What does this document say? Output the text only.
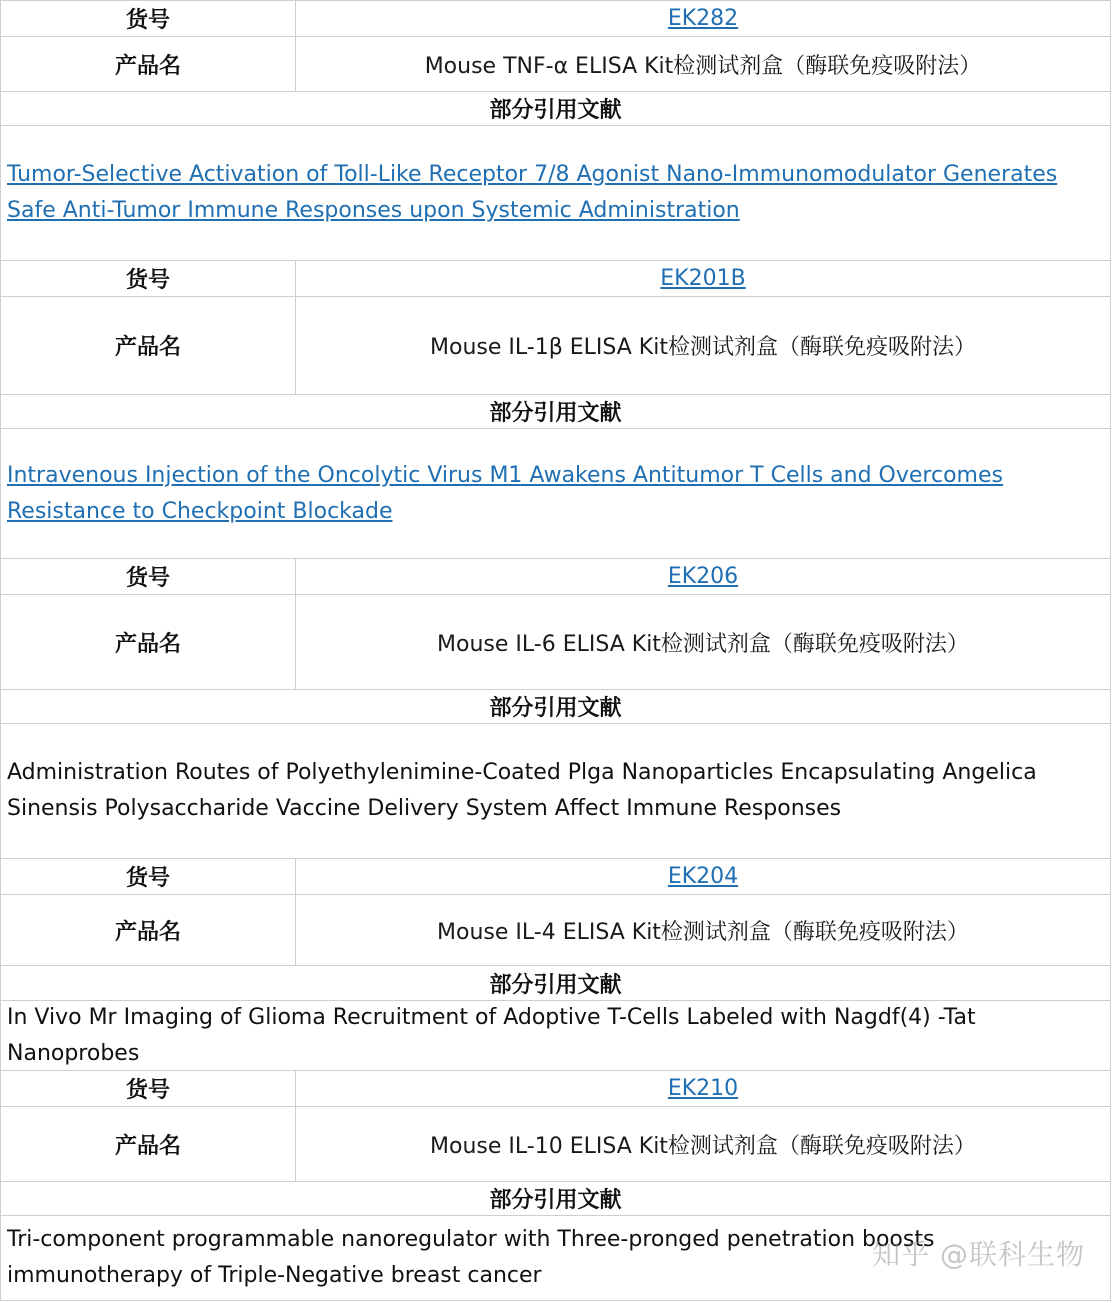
货号	EK282
产品名	Mouse TNF-α ELISA Kit检测试剂盒（酶联免疫吸附法）
部分引用文献
Tumor-Selective Activation of Toll-Like Receptor 7/8 Agonist Nano-Immunomodulator Generates Safe Anti-Tumor Immune Responses upon Systemic Administration
货号	EK201B
产品名	Mouse IL-1β ELISA Kit检测试剂盒（酶联免疫吸附法）
部分引用文献
Intravenous Injection of the Oncolytic Virus M1 Awakens Antitumor T Cells and Overcomes Resistance to Checkpoint Blockade
货号	EK206
产品名	Mouse IL-6 ELISA Kit检测试剂盒（酶联免疫吸附法）
部分引用文献
Administration Routes of Polyethylenimine-Coated Plga Nanoparticles Encapsulating Angelica Sinensis Polysaccharide Vaccine Delivery System Affect Immune Responses
货号	EK204
产品名	Mouse IL-4 ELISA Kit检测试剂盒（酶联免疫吸附法）
部分引用文献
In Vivo Mr Imaging of Glioma Recruitment of Adoptive T-Cells Labeled with Nagdf(4) -Tat Nanoprobes
货号	EK210
产品名	Mouse IL-10 ELISA Kit检测试剂盒（酶联免疫吸附法）
部分引用文献
Tri-component programmable nanoregulator with Three-pronged penetration boosts immunotherapy of Triple-Negative breast cancer
知乎 @联科生物
